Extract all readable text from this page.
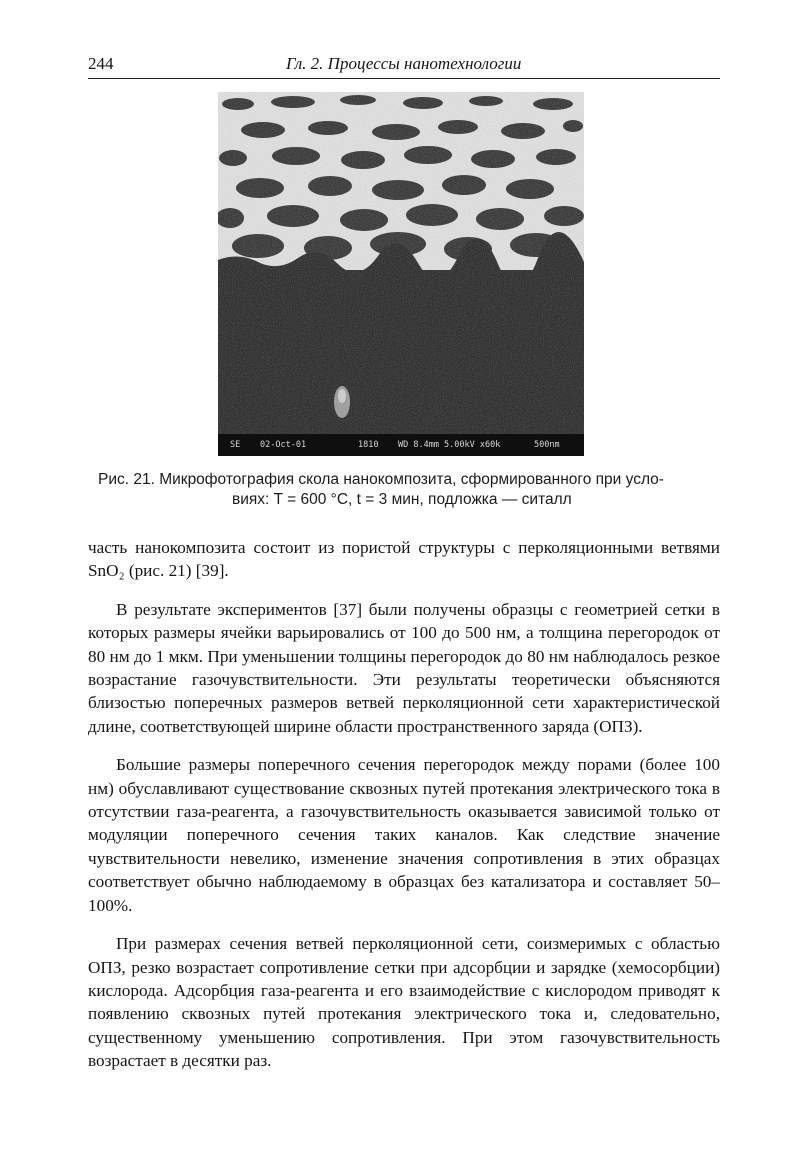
244	Гл. 2. Процессы нанотехнологии
SE 02-Oct-01	1810 WD 8.4mm 5.00kV x60k	500nm
Рис. 21. Микрофотография скола нанокомпозита, сформированного при усло-
виях: T = 600 °C, t = 3 мин, подложка — ситалл

часть нанокомпозита состоит из пористой структуры с перколяционными ветвями SnO₂ (рис. 21) [39].

В результате экспериментов [37] были получены образцы с геометрией сетки в которых размеры ячейки варьировались от 100 до 500 нм, а толщина перегородок от 80 нм до 1 мкм. При уменьшении толщины перегородок до 80 нм наблюдалось резкое возрастание газочувствительности. Эти результаты теоретически объясняются близостью поперечных размеров ветвей перколяционной сети характеристической длине, соответствующей ширине области пространственного заряда (ОПЗ).

Большие размеры поперечного сечения перегородок между порами (более 100 нм) обуславливают существование сквозных путей протекания электрического тока в отсутствии газа-реагента, а газочувствительность оказывается зависимой только от модуляции поперечного сечения таких каналов. Как следствие значение чувствительности невелико, изменение значения сопротивления в этих образцах соответствует обычно наблюдаемому в образцах без катализатора и составляет 50–100%.

При размерах сечения ветвей перколяционной сети, соизмеримых с областью ОПЗ, резко возрастает сопротивление сетки при адсорбции и зарядке (хемосорбции) кислорода. Адсорбция газа-реагента и его взаимодействие с кислородом приводят к появлению сквозных путей протекания электрического тока и, следовательно, существенному уменьшению сопротивления. При этом газочувствительность возрастает в десятки раз.
